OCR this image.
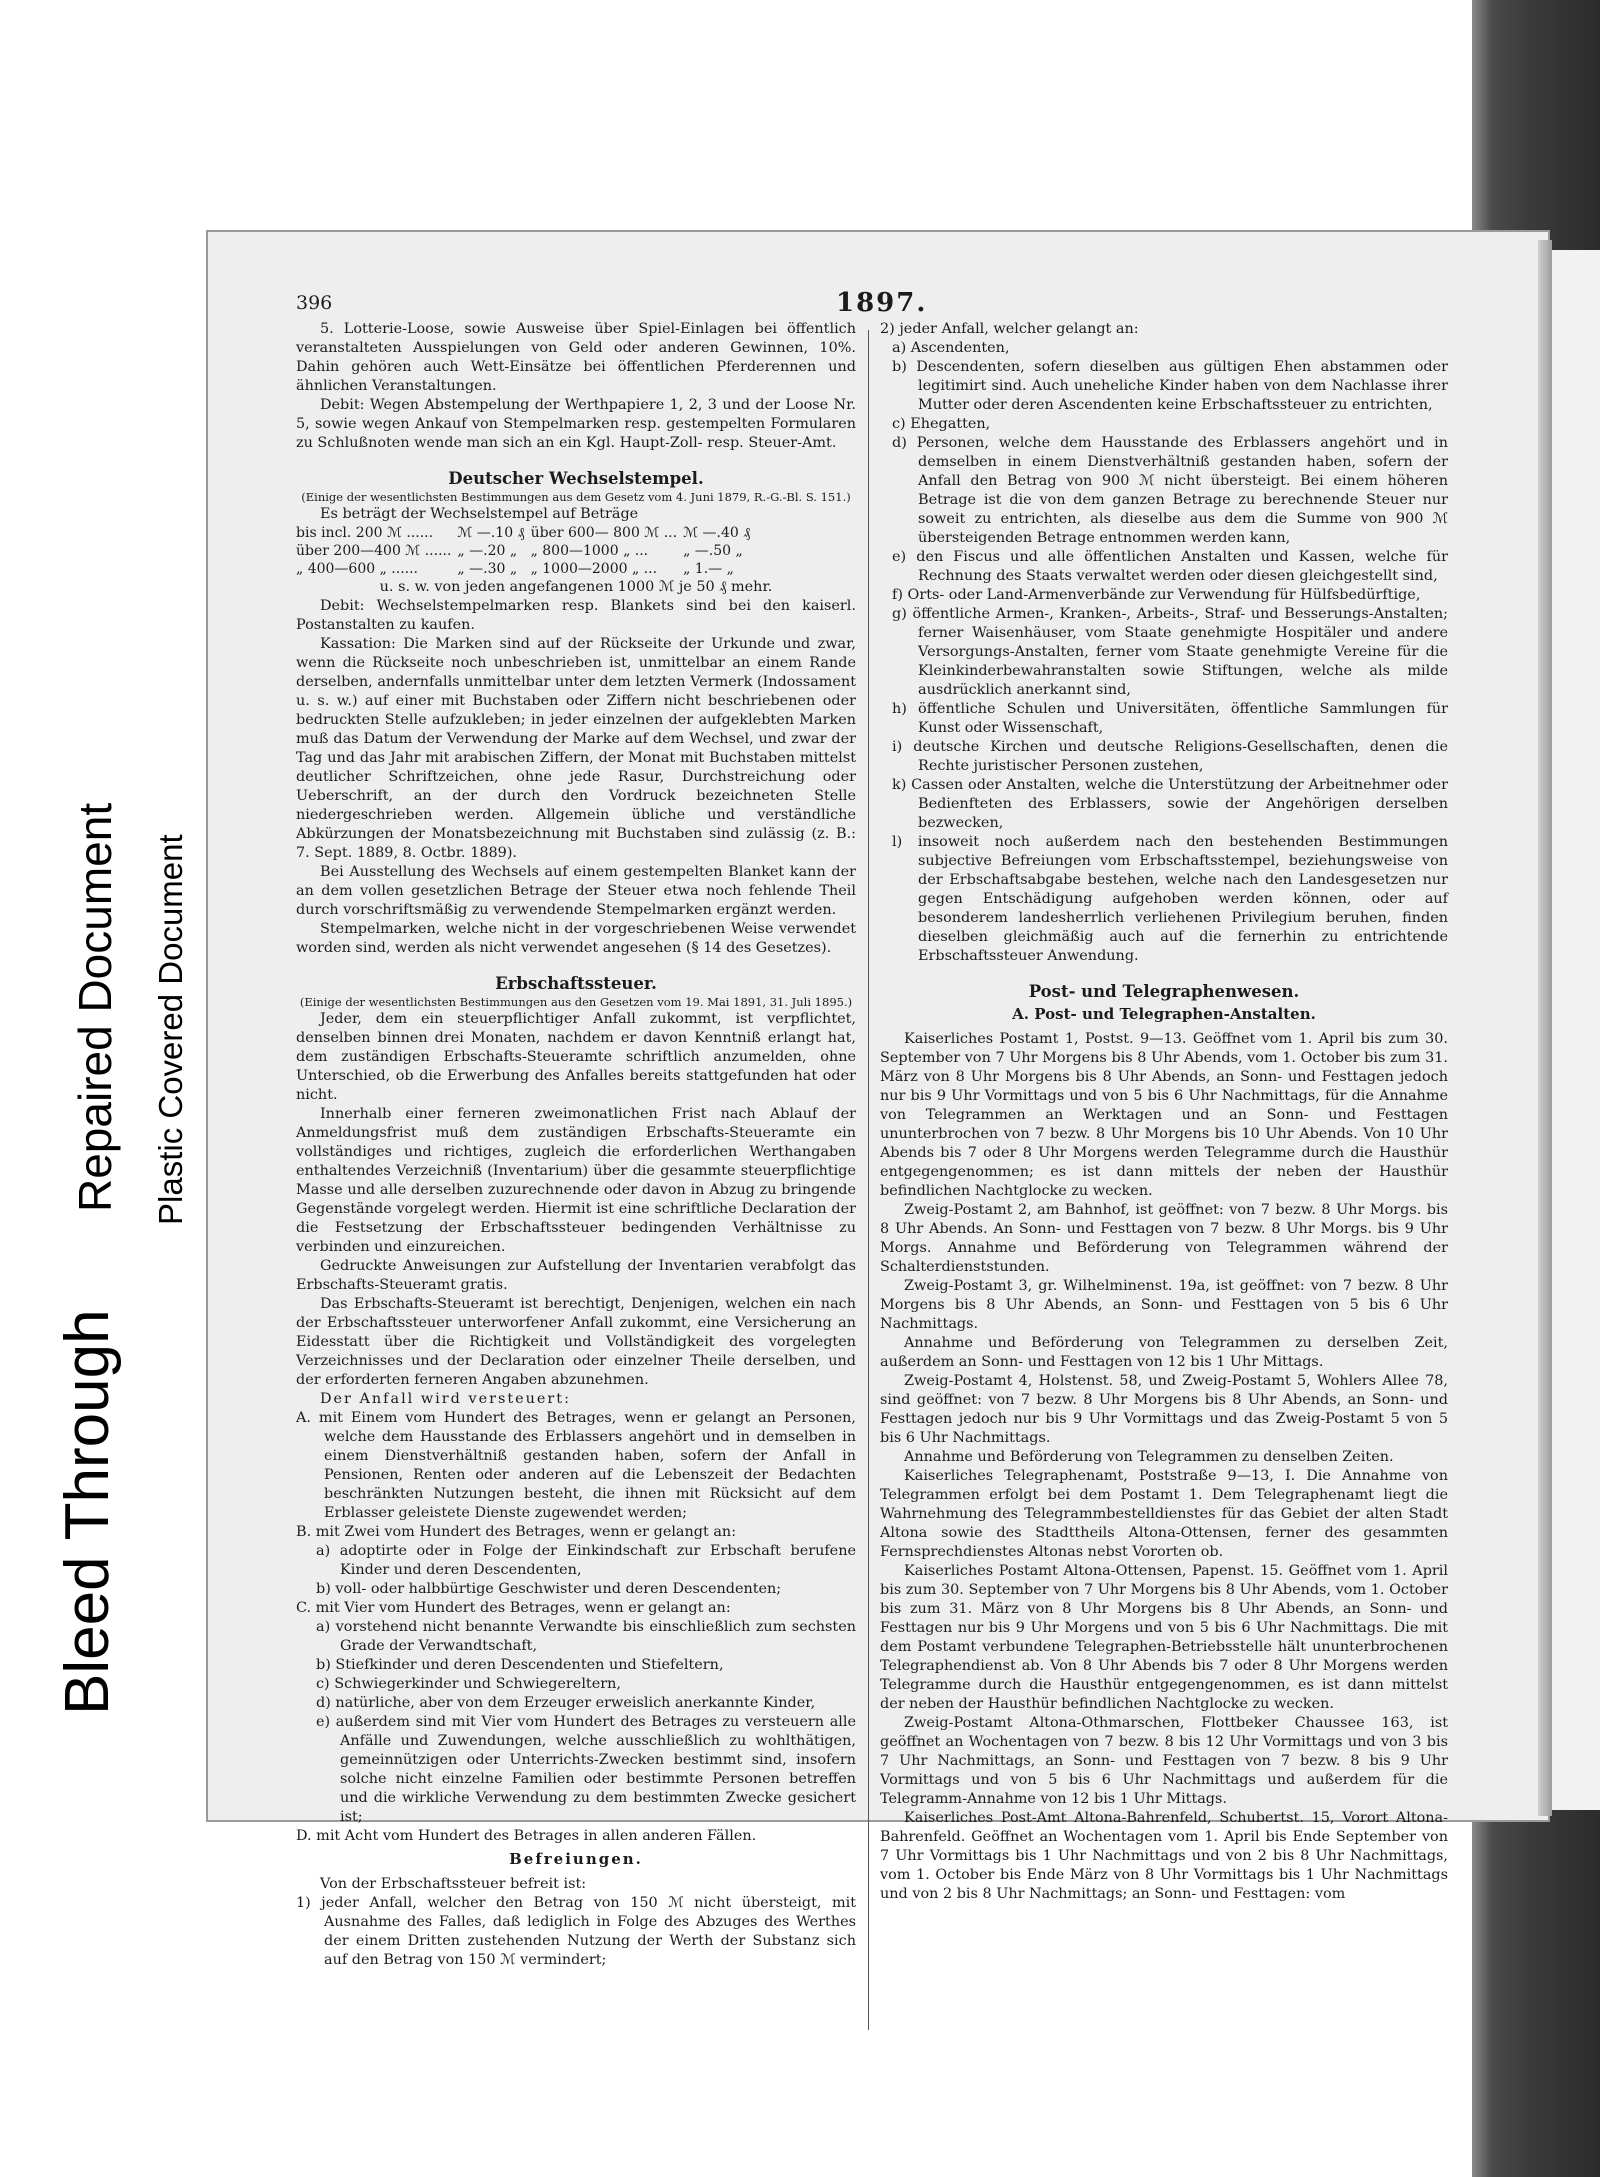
Bleed Through
Repaired Document Plastic Covered Document
396	1897.

5. Lotterie-Loose, sowie Ausweise über Spiel-Einlagen bei öffentlich veranstalteten Ausspielungen von Geld oder anderen Gewinnen, 10%. Dahin gehören auch Wett-Einsätze bei öffentlichen Pferderennen und ähnlichen Veranstaltungen.

Debit: Wegen Abstempelung der Werthpapiere 1, 2, 3 und der Loose Nr. 5, sowie wegen Ankauf von Stempelmarken resp. gestempelten Formularen zu Schlußnoten wende man sich an ein Kgl. Haupt-Zoll- resp. Steuer-Amt.

Deutscher Wechselstempel.

(Einige der wesentlichsten Bestimmungen aus dem Gesetz vom 4. Juni 1879, R.-G.-Bl. S. 151.)

Es beträgt der Wechselstempel auf Beträge

bis incl. 200 ℳ ......	ℳ —.10 ₰	über 600— 800 ℳ ...	ℳ —.40 ₰
über 200—400 ℳ ......	„ —.20 „	„ 800—1000 „ ...	„ —.50 „
„ 400—600 „ ......	„ —.30 „	„ 1000—2000 „ ...	„ 1.— „

u. s. w. von jeden angefangenen 1000 ℳ je 50 ₰ mehr.

Debit: Wechselstempelmarken resp. Blankets sind bei den kaiserl. Postanstalten zu kaufen.

Kassation: Die Marken sind auf der Rückseite der Urkunde und zwar, wenn die Rückseite noch unbeschrieben ist, unmittelbar an einem Rande derselben, andernfalls unmittelbar unter dem letzten Vermerk (Indossament u. s. w.) auf einer mit Buchstaben oder Ziffern nicht beschriebenen oder bedruckten Stelle aufzukleben; in jeder einzelnen der aufgeklebten Marken muß das Datum der Verwendung der Marke auf dem Wechsel, und zwar der Tag und das Jahr mit arabischen Ziffern, der Monat mit Buchstaben mittelst deutlicher Schriftzeichen, ohne jede Rasur, Durchstreichung oder Ueberschrift, an der durch den Vordruck bezeichneten Stelle niedergeschrieben werden. Allgemein übliche und verständliche Abkürzungen der Monatsbezeichnung mit Buchstaben sind zulässig (z. B.: 7. Sept. 1889, 8. Octbr. 1889).

Bei Ausstellung des Wechsels auf einem gestempelten Blanket kann der an dem vollen gesetzlichen Betrage der Steuer etwa noch fehlende Theil durch vorschriftsmäßig zu verwendende Stempelmarken ergänzt werden.

Stempelmarken, welche nicht in der vorgeschriebenen Weise verwendet worden sind, werden als nicht verwendet angesehen (§ 14 des Gesetzes).

Erbschaftssteuer.

(Einige der wesentlichsten Bestimmungen aus den Gesetzen vom 19. Mai 1891, 31. Juli 1895.)

Jeder, dem ein steuerpflichtiger Anfall zukommt, ist verpflichtet, denselben binnen drei Monaten, nachdem er davon Kenntniß erlangt hat, dem zuständigen Erbschafts-Steueramte schriftlich anzumelden, ohne Unterschied, ob die Erwerbung des Anfalles bereits stattgefunden hat oder nicht.

Innerhalb einer ferneren zweimonatlichen Frist nach Ablauf der Anmeldungsfrist muß dem zuständigen Erbschafts-Steueramte ein vollständiges und richtiges, zugleich die erforderlichen Werthangaben enthaltendes Verzeichniß (Inventarium) über die gesammte steuerpflichtige Masse und alle derselben zuzurechnende oder davon in Abzug zu bringende Gegenstände vorgelegt werden. Hiermit ist eine schriftliche Declaration der die Festsetzung der Erbschaftssteuer bedingenden Verhältnisse zu verbinden und einzureichen.

Gedruckte Anweisungen zur Aufstellung der Inventarien verabfolgt das Erbschafts-Steueramt gratis.

Das Erbschafts-Steueramt ist berechtigt, Denjenigen, welchen ein nach der Erbschaftssteuer unterworfener Anfall zukommt, eine Versicherung an Eidesstatt über die Richtigkeit und Vollständigkeit des vorgelegten Verzeichnisses und der Declaration oder einzelner Theile derselben, und der erforderten ferneren Angaben abzunehmen.

Der Anfall wird versteuert:

A. mit Einem vom Hundert des Betrages, wenn er gelangt an Personen, welche dem Hausstande des Erblassers angehört und in demselben in einem Dienstverhältniß gestanden haben, sofern der Anfall in Pensionen, Renten oder anderen auf die Lebenszeit der Bedachten beschränkten Nutzungen besteht, die ihnen mit Rücksicht auf dem Erblasser geleistete Dienste zugewendet werden;

B. mit Zwei vom Hundert des Betrages, wenn er gelangt an:

a) adoptirte oder in Folge der Einkindschaft zur Erbschaft berufene Kinder und deren Descendenten,

b) voll- oder halbbürtige Geschwister und deren Descendenten;

C. mit Vier vom Hundert des Betrages, wenn er gelangt an:

a) vorstehend nicht benannte Verwandte bis einschließlich zum sechsten Grade der Verwandtschaft,

b) Stiefkinder und deren Descendenten und Stiefeltern,

c) Schwiegerkinder und Schwiegereltern,

d) natürliche, aber von dem Erzeuger erweislich anerkannte Kinder,

e) außerdem sind mit Vier vom Hundert des Betrages zu versteuern alle Anfälle und Zuwendungen, welche ausschließlich zu wohlthätigen, gemeinnützigen oder Unterrichts-Zwecken bestimmt sind, insofern solche nicht einzelne Familien oder bestimmte Personen betreffen und die wirkliche Verwendung zu dem bestimmten Zwecke gesichert ist;

D. mit Acht vom Hundert des Betrages in allen anderen Fällen.

Befreiungen.

Von der Erbschaftssteuer befreit ist:

1) jeder Anfall, welcher den Betrag von 150 ℳ nicht übersteigt, mit Ausnahme des Falles, daß lediglich in Folge des Abzuges des Werthes der einem Dritten zustehenden Nutzung der Werth der Substanz sich auf den Betrag von 150 ℳ vermindert;

2) jeder Anfall, welcher gelangt an:

a) Ascendenten,

b) Descendenten, sofern dieselben aus gültigen Ehen abstammen oder legitimirt sind. Auch uneheliche Kinder haben von dem Nachlasse ihrer Mutter oder deren Ascendenten keine Erbschaftssteuer zu entrichten,

c) Ehegatten,

d) Personen, welche dem Hausstande des Erblassers angehört und in demselben in einem Dienstverhältniß gestanden haben, sofern der Anfall den Betrag von 900 ℳ nicht übersteigt. Bei einem höheren Betrage ist die von dem ganzen Betrage zu berechnende Steuer nur soweit zu entrichten, als dieselbe aus dem die Summe von 900 ℳ übersteigenden Betrage entnommen werden kann,

e) den Fiscus und alle öffentlichen Anstalten und Kassen, welche für Rechnung des Staats verwaltet werden oder diesen gleichgestellt sind,

f) Orts- oder Land-Armenverbände zur Verwendung für Hülfsbedürftige,

g) öffentliche Armen-, Kranken-, Arbeits-, Straf- und Besserungs-Anstalten; ferner Waisenhäuser, vom Staate genehmigte Hospitäler und andere Versorgungs-Anstalten, ferner vom Staate genehmigte Vereine für die Kleinkinderbewahranstalten sowie Stiftungen, welche als milde ausdrücklich anerkannt sind,

h) öffentliche Schulen und Universitäten, öffentliche Sammlungen für Kunst oder Wissenschaft,

i) deutsche Kirchen und deutsche Religions-Gesellschaften, denen die Rechte juristischer Personen zustehen,

k) Cassen oder Anstalten, welche die Unterstützung der Arbeitnehmer oder Bedienfteten des Erblassers, sowie der Angehörigen derselben bezwecken,

l) insoweit noch außerdem nach den bestehenden Bestimmungen subjective Befreiungen vom Erbschaftsstempel, beziehungsweise von der Erbschaftsabgabe bestehen, welche nach den Landesgesetzen nur gegen Entschädigung aufgehoben werden können, oder auf besonderem landesherrlich verliehenen Privilegium beruhen, finden dieselben gleichmäßig auch auf die fernerhin zu entrichtende Erbschaftssteuer Anwendung.

Post- und Telegraphenwesen.

A. Post- und Telegraphen-Anstalten.

Kaiserliches Postamt 1, Postst. 9—13. Geöffnet vom 1. April bis zum 30. September von 7 Uhr Morgens bis 8 Uhr Abends, vom 1. October bis zum 31. März von 8 Uhr Morgens bis 8 Uhr Abends, an Sonn- und Festtagen jedoch nur bis 9 Uhr Vormittags und von 5 bis 6 Uhr Nachmittags, für die Annahme von Telegrammen an Werktagen und an Sonn- und Festtagen ununterbrochen von 7 bezw. 8 Uhr Morgens bis 10 Uhr Abends. Von 10 Uhr Abends bis 7 oder 8 Uhr Morgens werden Telegramme durch die Hausthür entgegengenommen; es ist dann mittels der neben der Hausthür befindlichen Nachtglocke zu wecken.

Zweig-Postamt 2, am Bahnhof, ist geöffnet: von 7 bezw. 8 Uhr Morgs. bis 8 Uhr Abends. An Sonn- und Festtagen von 7 bezw. 8 Uhr Morgs. bis 9 Uhr Morgs. Annahme und Beförderung von Telegrammen während der Schalterdienststunden.

Zweig-Postamt 3, gr. Wilhelminenst. 19a, ist geöffnet: von 7 bezw. 8 Uhr Morgens bis 8 Uhr Abends, an Sonn- und Festtagen von 5 bis 6 Uhr Nachmittags.

Annahme und Beförderung von Telegrammen zu derselben Zeit, außerdem an Sonn- und Festtagen von 12 bis 1 Uhr Mittags.

Zweig-Postamt 4, Holstenst. 58, und Zweig-Postamt 5, Wohlers Allee 78, sind geöffnet: von 7 bezw. 8 Uhr Morgens bis 8 Uhr Abends, an Sonn- und Festtagen jedoch nur bis 9 Uhr Vormittags und das Zweig-Postamt 5 von 5 bis 6 Uhr Nachmittags.

Annahme und Beförderung von Telegrammen zu denselben Zeiten.

Kaiserliches Telegraphenamt, Poststraße 9—13, I. Die Annahme von Telegrammen erfolgt bei dem Postamt 1. Dem Telegraphenamt liegt die Wahrnehmung des Telegrammbestelldienstes für das Gebiet der alten Stadt Altona sowie des Stadttheils Altona-Ottensen, ferner des gesammten Fernsprechdienstes Altonas nebst Vororten ob.

Kaiserliches Postamt Altona-Ottensen, Papenst. 15. Geöffnet vom 1. April bis zum 30. September von 7 Uhr Morgens bis 8 Uhr Abends, vom 1. October bis zum 31. März von 8 Uhr Morgens bis 8 Uhr Abends, an Sonn- und Festtagen nur bis 9 Uhr Morgens und von 5 bis 6 Uhr Nachmittags. Die mit dem Postamt verbundene Telegraphen-Betriebsstelle hält ununterbrochenen Telegraphendienst ab. Von 8 Uhr Abends bis 7 oder 8 Uhr Morgens werden Telegramme durch die Hausthür entgegengenommen, es ist dann mittelst der neben der Hausthür befindlichen Nachtglocke zu wecken.

Zweig-Postamt Altona-Othmarschen, Flottbeker Chaussee 163, ist geöffnet an Wochentagen von 7 bezw. 8 bis 12 Uhr Vormittags und von 3 bis 7 Uhr Nachmittags, an Sonn- und Festtagen von 7 bezw. 8 bis 9 Uhr Vormittags und von 5 bis 6 Uhr Nachmittags und außerdem für die Telegramm-Annahme von 12 bis 1 Uhr Mittags.

Kaiserliches Post-Amt Altona-Bahrenfeld, Schubertst. 15, Vorort Altona-Bahrenfeld. Geöffnet an Wochentagen vom 1. April bis Ende September von 7 Uhr Vormittags bis 1 Uhr Nachmittags und von 2 bis 8 Uhr Nachmittags, vom 1. October bis Ende März von 8 Uhr Vormittags bis 1 Uhr Nachmittags und von 2 bis 8 Uhr Nachmittags; an Sonn- und Festtagen: vom
